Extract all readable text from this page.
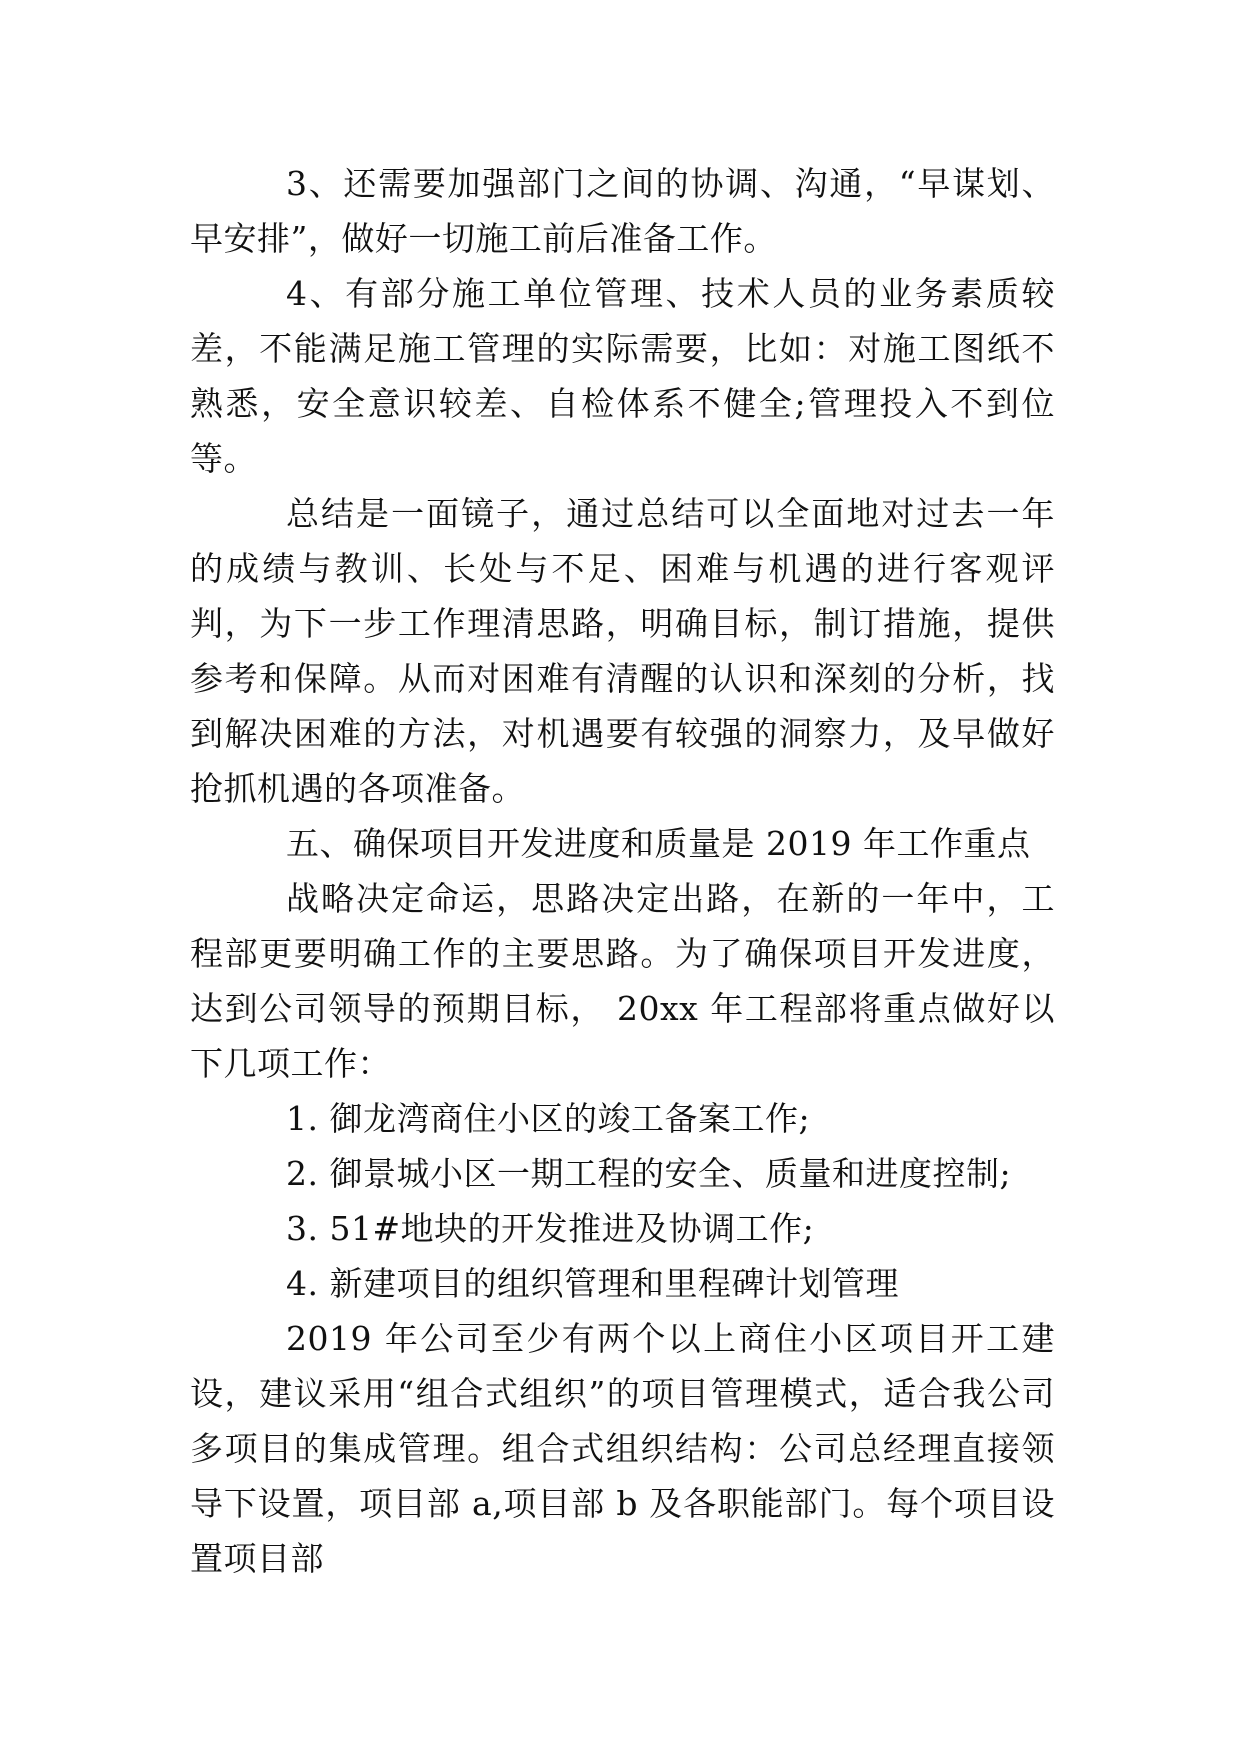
3、还需要加强部门之间的协调、沟通，“早谋划、早安排”，做好一切施工前后准备工作。

4、有部分施工单位管理、技术人员的业务素质较差，不能满足施工管理的实际需要，比如：对施工图纸不熟悉，安全意识较差、自检体系不健全;管理投入不到位等。

总结是一面镜子，通过总结可以全面地对过去一年的成绩与教训、长处与不足、困难与机遇的进行客观评判，为下一步工作理清思路，明确目标，制订措施，提供参考和保障。从而对困难有清醒的认识和深刻的分析，找到解决困难的方法，对机遇要有较强的洞察力，及早做好抢抓机遇的各项准备。

五、确保项目开发进度和质量是 2019 年工作重点

战略决定命运，思路决定出路，在新的一年中，工程部更要明确工作的主要思路。为了确保项目开发进度，达到公司领导的预期目标， 20xx 年工程部将重点做好以下几项工作：

1. 御龙湾商住小区的竣工备案工作;

2. 御景城小区一期工程的安全、质量和进度控制;

3. 51#地块的开发推进及协调工作;

4. 新建项目的组织管理和里程碑计划管理

2019 年公司至少有两个以上商住小区项目开工建设，建议采用“组合式组织”的项目管理模式，适合我公司多项目的集成管理。组合式组织结构：公司总经理直接领导下设置，项目部 a,项目部 b 及各职能部门。每个项目设置项目部
